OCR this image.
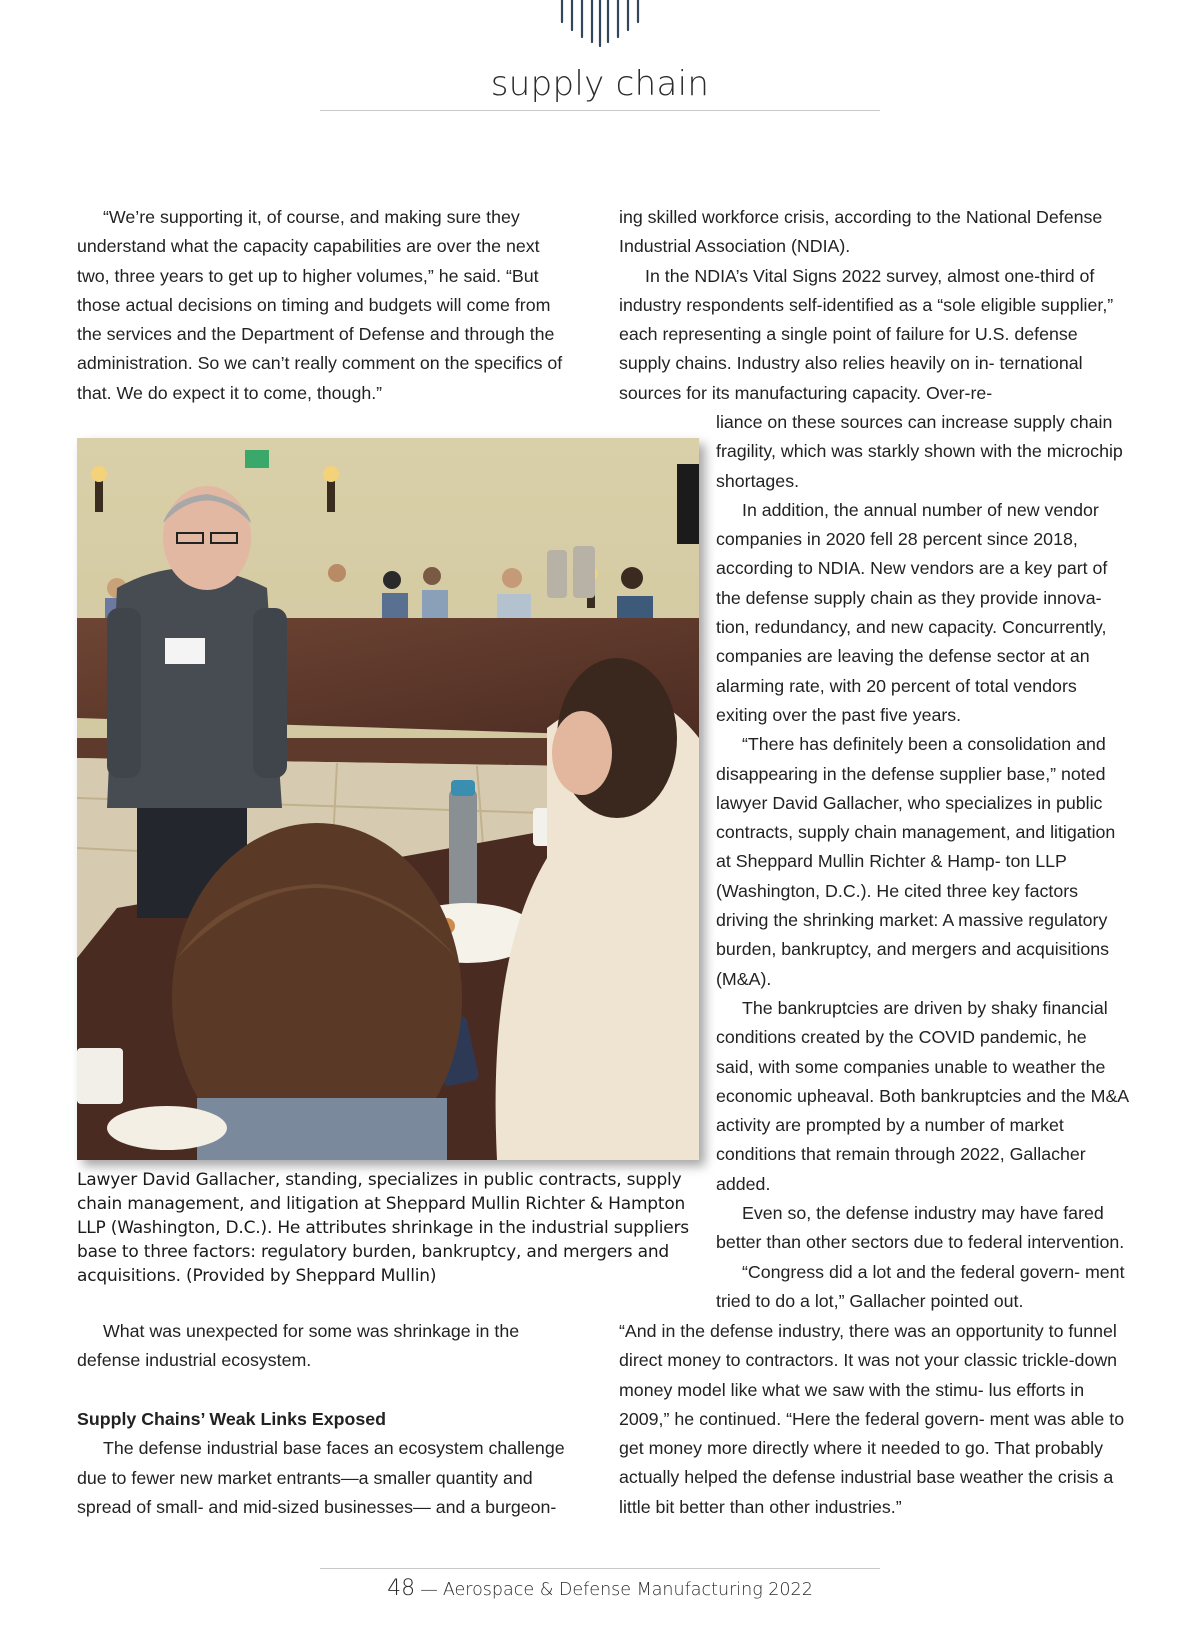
supply chain
“We’re supporting it, of course, and making sure they understand what the capacity capabilities are over the next two, three years to get up to higher volumes,” he said. “But those actual decisions on timing and budgets will come from the services and the Department of Defense and through the administration. So we can’t really comment on the specifics of that. We do expect it to come, though.”
Lawyer David Gallacher, standing, specializes in public contracts, supply chain management, and litigation at Sheppard Mullin Richter & Hampton LLP (Washington, D.C.). He attributes shrinkage in the industrial suppliers base to three factors: regulatory burden, bankruptcy, and mergers and acquisitions. (Provided by Sheppard Mullin)
What was unexpected for some was shrinkage in the defense industrial ecosystem.

Supply Chains’ Weak Links Exposed

The defense industrial base faces an ecosystem challenge due to fewer new market entrants—a smaller quantity and spread of small- and mid-sized businesses— and a burgeon-

ing skilled workforce crisis, according to the National Defense Industrial Association (NDIA).

In the NDIA’s Vital Signs 2022 survey, almost one-third of industry respondents self-identified as a “sole eligible supplier,” each representing a single point of failure for U.S. defense supply chains. Industry also relies heavily on in- ternational sources for its manufacturing capacity. Over-re-

liance on these sources can increase supply chain fragility, which was starkly shown with the microchip shortages.

In addition, the annual number of new vendor companies in 2020 fell 28 percent since 2018, according to NDIA. New vendors are a key part of the defense supply chain as they provide innova- tion, redundancy, and new capacity. Concurrently, companies are leaving the defense sector at an alarming rate, with 20 percent of total vendors exiting over the past five years.

“There has definitely been a consolidation and disappearing in the defense supplier base,” noted lawyer David Gallacher, who specializes in public contracts, supply chain management, and litigation at Sheppard Mullin Richter & Hamp- ton LLP (Washington, D.C.). He cited three key factors driving the shrinking market: A massive regulatory burden, bankruptcy, and mergers and acquisitions (M&A).

The bankruptcies are driven by shaky financial conditions created by the COVID pandemic, he said, with some companies unable to weather the economic upheaval. Both bankruptcies and the M&A activity are prompted by a number of market conditions that remain through 2022, Gallacher added.

Even so, the defense industry may have fared better than other sectors due to federal intervention.

“Congress did a lot and the federal govern- ment tried to do a lot,” Gallacher pointed out.

“And in the defense industry, there was an opportunity to funnel direct money to contractors. It was not your classic trickle-down money model like what we saw with the stimu- lus efforts in 2009,” he continued. “Here the federal govern- ment was able to get money more directly where it needed to go. That probably actually helped the defense industrial base weather the crisis a little bit better than other industries.”
48 — Aerospace & Defense Manufacturing 2022
